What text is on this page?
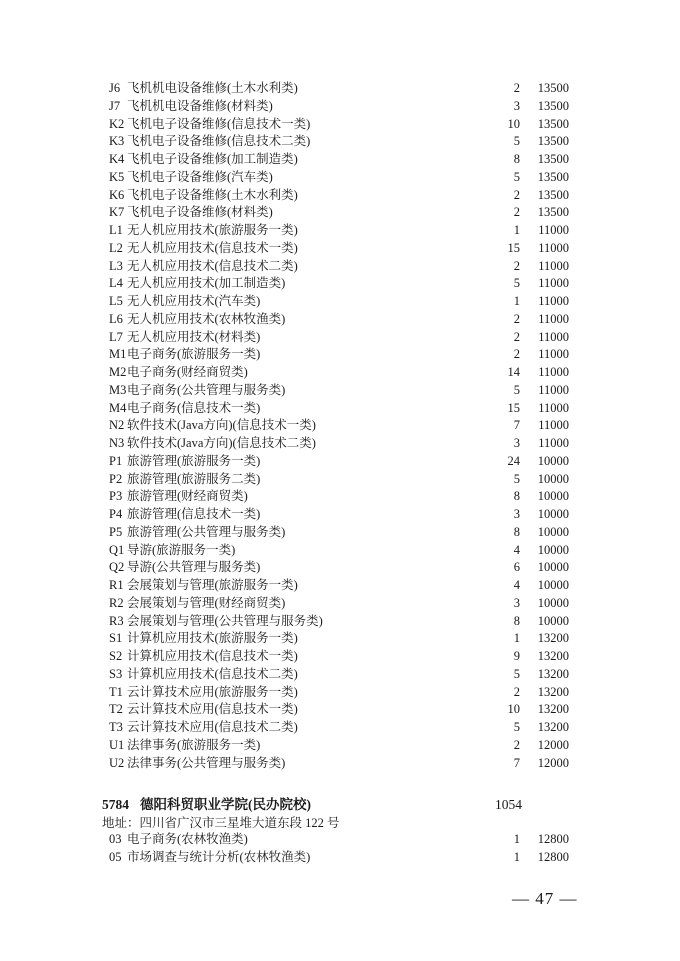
J6 飞机机电设备维修(土木水利类)	2 13500
J7 飞机机电设备维修(材料类)	3 13500
K2 飞机电子设备维修(信息技术一类)	10 13500
K3 飞机电子设备维修(信息技术二类)	5 13500
K4 飞机电子设备维修(加工制造类)	8 13500
K5 飞机电子设备维修(汽车类)	5 13500
K6 飞机电子设备维修(土木水利类)	2 13500
K7 飞机电子设备维修(材料类)	2 13500
L1 无人机应用技术(旅游服务一类)	1 11000
L2 无人机应用技术(信息技术一类)	15 11000
L3 无人机应用技术(信息技术二类)	2 11000
L4 无人机应用技术(加工制造类)	5 11000
L5 无人机应用技术(汽车类)	1 11000
L6 无人机应用技术(农林牧渔类)	2 11000
L7 无人机应用技术(材料类)	2 11000
M1 电子商务(旅游服务一类)	2 11000
M2 电子商务(财经商贸类)	14 11000
M3 电子商务(公共管理与服务类)	5 11000
M4 电子商务(信息技术一类)	15 11000
N2 软件技术(Java方向)(信息技术一类)	7 11000
N3 软件技术(Java方向)(信息技术二类)	3 11000
P1 旅游管理(旅游服务一类)	24 10000
P2 旅游管理(旅游服务二类)	5 10000
P3 旅游管理(财经商贸类)	8 10000
P4 旅游管理(信息技术一类)	3 10000
P5 旅游管理(公共管理与服务类)	8 10000
Q1 导游(旅游服务一类)	4 10000
Q2 导游(公共管理与服务类)	6 10000
R1 会展策划与管理(旅游服务一类)	4 10000
R2 会展策划与管理(财经商贸类)	3 10000
R3 会展策划与管理(公共管理与服务类)	8 10000
S1 计算机应用技术(旅游服务一类)	1 13200
S2 计算机应用技术(信息技术一类)	9 13200
S3 计算机应用技术(信息技术二类)	5 13200
T1 云计算技术应用(旅游服务一类)	2 13200
T2 云计算技术应用(信息技术一类)	10 13200
T3 云计算技术应用(信息技术二类)	5 13200
U1 法律事务(旅游服务一类)	2 12000
U2 法律事务(公共管理与服务类)	7 12000
5784 德阳科贸职业学院(民办院校)	1054
地址：四川省广汉市三星堆大道东段 122 号
03 电子商务(农林牧渔类)	1 12800
05 市场调查与统计分析(农林牧渔类)	1 12800
— 47 —
